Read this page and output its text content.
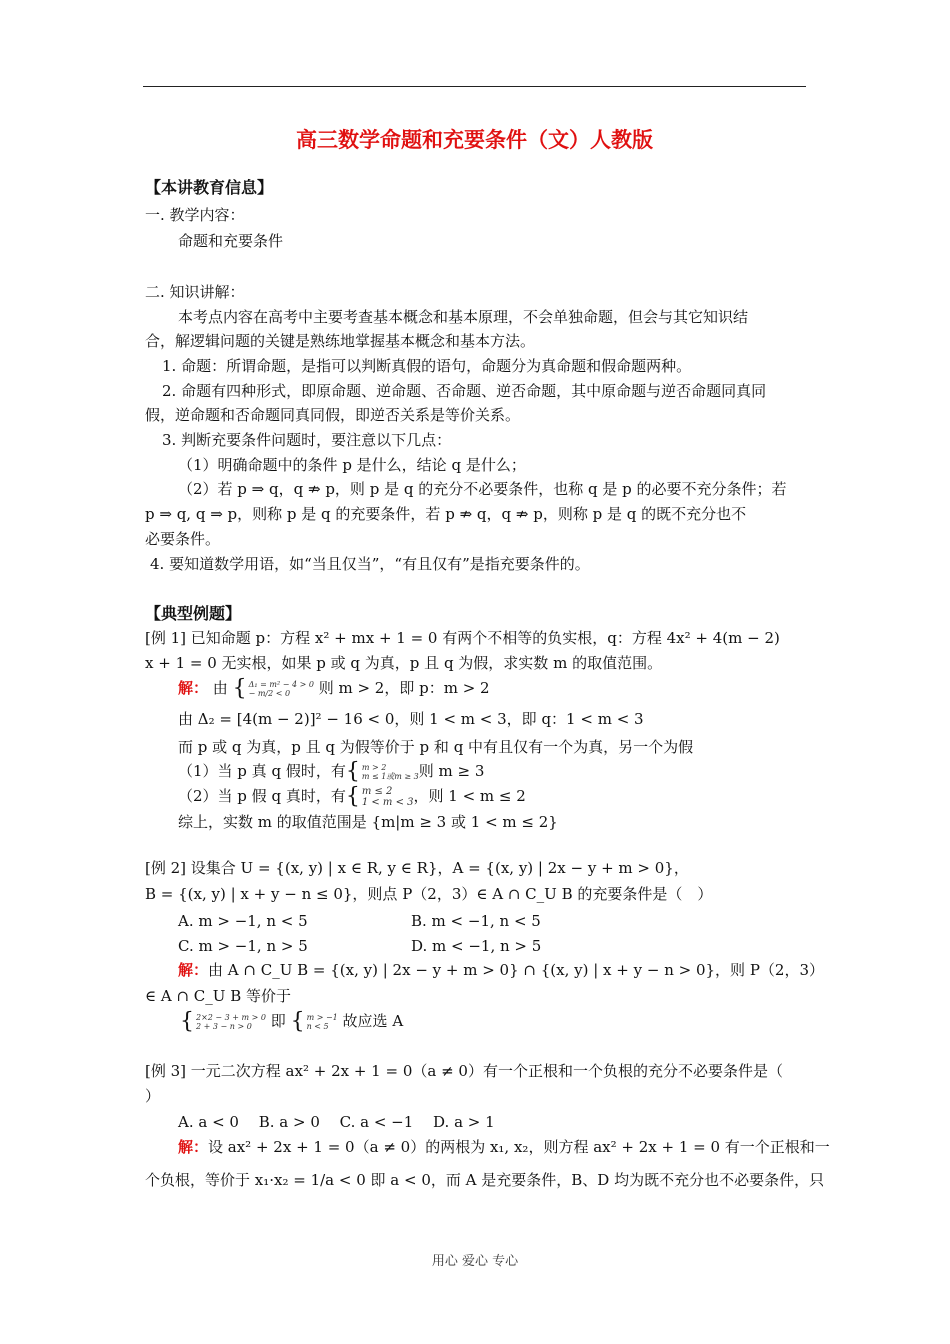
高三数学命题和充要条件（文）人教版
【本讲教育信息】
一. 教学内容：
命题和充要条件
二. 知识讲解：
本考点内容在高考中主要考查基本概念和基本原理，不会单独命题，但会与其它知识结
合，解逻辑问题的关键是熟练地掌握基本概念和基本方法。
1. 命题：所谓命题，是指可以判断真假的语句，命题分为真命题和假命题两种。
2. 命题有四种形式，即原命题、逆命题、否命题、逆否命题，其中原命题与逆否命题同真同
假，逆命题和否命题同真同假，即逆否关系是等价关系。
3. 判断充要条件问题时，要注意以下几点：
（1）明确命题中的条件 p 是什么，结论 q 是什么；
（2）若 p ⇒ q，q ⇏ p，则 p 是 q 的充分不必要条件，也称 q 是 p 的必要不充分条件；若
p ⇒ q, q ⇒ p，则称 p 是 q 的充要条件，若 p ⇏ q，q ⇏ p，则称 p 是 q 的既不充分也不
必要条件。
4. 要知道数学用语，如“当且仅当”，“有且仅有”是指充要条件的。
【典型例题】
[例 1] 已知命题 p：方程 x² + mx + 1 = 0 有两个不相等的负实根，q：方程 4x² + 4(m − 2)
x + 1 = 0 无实根，如果 p 或 q 为真，p 且 q 为假，求实数 m 的取值范围。
解： 由 { Δ₁ = m² − 4 > 0
− m/2 < 0 则 m > 2，即 p：m > 2
由 Δ₂ = [4(m − 2)]² − 16 < 0，则 1 < m < 3，即 q：1 < m < 3
而 p 或 q 为真，p 且 q 为假等价于 p 和 q 中有且仅有一个为真，另一个为假
（1）当 p 真 q 假时，有{ m > 2
m ≤ 1或m ≥ 3则 m ≥ 3
（2）当 p 假 q 真时，有{ m ≤ 2
1 < m < 3，则 1 < m ≤ 2
综上，实数 m 的取值范围是 {m|m ≥ 3 或 1 < m ≤ 2}
[例 2] 设集合 U = {(x, y) | x ∈ R, y ∈ R}，A = {(x, y) | 2x − y + m > 0}，
B = {(x, y) | x + y − n ≤ 0}，则点 P（2，3）∈ A ∩ C_U B 的充要条件是（　）
A. m > −1, n < 5	B. m < −1, n < 5
C. m > −1, n > 5	D. m < −1, n > 5
解：由 A ∩ C_U B = {(x, y) | 2x − y + m > 0} ∩ {(x, y) | x + y − n > 0}，则 P（2，3）
∈ A ∩ C_U B 等价于
{ 2×2 − 3 + m > 0
2 + 3 − n > 0 即 { m > −1
n < 5 故应选 A
[例 3] 一元二次方程 ax² + 2x + 1 = 0（a ≠ 0）有一个正根和一个负根的充分不必要条件是（
）
A. a < 0　 B. a > 0　 C. a < −1　 D. a > 1
解：设 ax² + 2x + 1 = 0（a ≠ 0）的两根为 x₁, x₂，则方程 ax² + 2x + 1 = 0 有一个正根和一
个负根，等价于 x₁·x₂ = 1/a < 0 即 a < 0，而 A 是充要条件，B、D 均为既不充分也不必要条件，只
用心 爱心 专心
